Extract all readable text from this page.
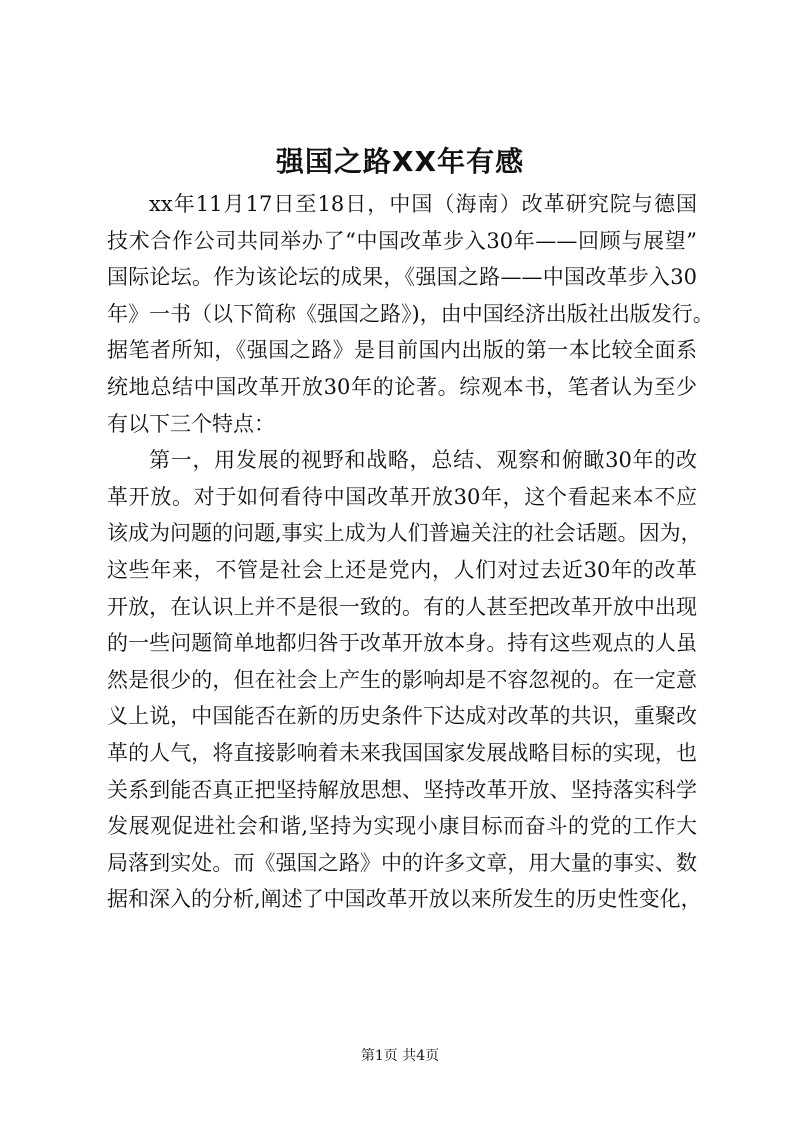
强国之路XX年有感
xx年11月17日至18日，中国（海南）改革研究院与德国
技术合作公司共同举办了“中国改革步入30年——回顾与展望”
国际论坛。作为该论坛的成果，《强国之路——中国改革步入30
年》一书（以下简称《强国之路》)，由中国经济出版社出版发行。
据笔者所知，《强国之路》是目前国内出版的第一本比较全面系
统地总结中国改革开放30年的论著。综观本书，笔者认为至少
有以下三个特点：
第一，用发展的视野和战略，总结、观察和俯瞰30年的改
革开放。对于如何看待中国改革开放30年，这个看起来本不应
该成为问题的问题,事实上成为人们普遍关注的社会话题。因为，
这些年来，不管是社会上还是党内，人们对过去近30年的改革
开放，在认识上并不是很一致的。有的人甚至把改革开放中出现
的一些问题简单地都归咎于改革开放本身。持有这些观点的人虽
然是很少的，但在社会上产生的影响却是不容忽视的。在一定意
义上说，中国能否在新的历史条件下达成对改革的共识，重聚改
革的人气，将直接影响着未来我国国家发展战略目标的实现，也
关系到能否真正把坚持解放思想、坚持改革开放、坚持落实科学
发展观促进社会和谐,坚持为实现小康目标而奋斗的党的工作大
局落到实处。而《强国之路》中的许多文章，用大量的事实、数
据和深入的分析,阐述了中国改革开放以来所发生的历史性变化，
第1页 共4页
